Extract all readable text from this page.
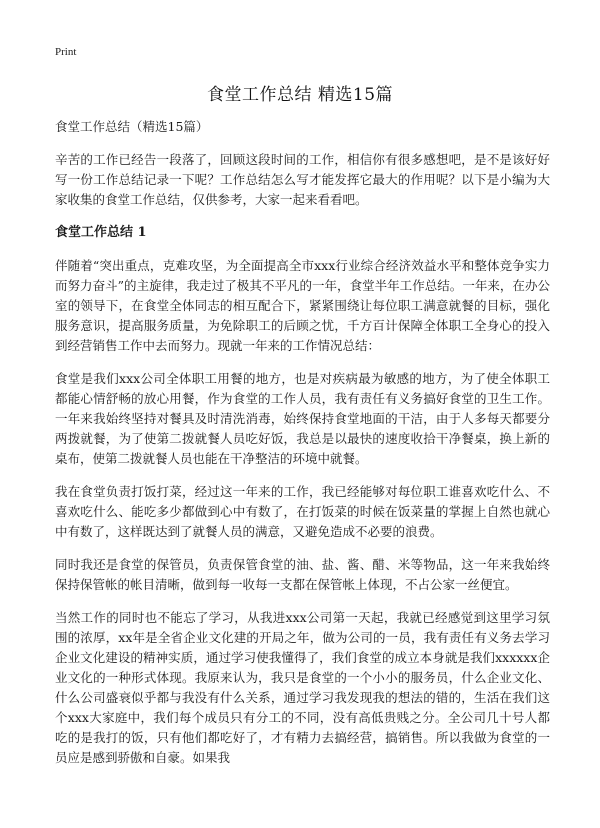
Print
食堂工作总结 精选15篇

食堂工作总结（精选15篇）

辛苦的工作已经告一段落了，回顾这段时间的工作，相信你有很多感想吧，是不是该好好写一份工作总结记录一下呢？工作总结怎么写才能发挥它最大的作用呢？以下是小编为大家收集的食堂工作总结，仅供参考，大家一起来看看吧。

食堂工作总结 1

伴随着“突出重点，克难攻坚，为全面提高全市xxx行业综合经济效益水平和整体竞争实力而努力奋斗”的主旋律，我走过了极其不平凡的一年，食堂半年工作总结。一年来，在办公室的领导下，在食堂全体同志的相互配合下，紧紧围绕让每位职工满意就餐的目标，强化服务意识，提高服务质量，为免除职工的后顾之忧，千方百计保障全体职工全身心的投入到经营销售工作中去而努力。现就一年来的工作情况总结：

食堂是我们xxx公司全体职工用餐的地方，也是对疾病最为敏感的地方，为了使全体职工都能心情舒畅的放心用餐，作为食堂的工作人员，我有责任有义务搞好食堂的卫生工作。一年来我始终坚持对餐具及时清洗消毒，始终保持食堂地面的干洁，由于人多每天都要分两拨就餐，为了使第二拨就餐人员吃好饭，我总是以最快的速度收拾干净餐桌，换上新的桌布，使第二拨就餐人员也能在干净整洁的环境中就餐。

我在食堂负责打饭打菜，经过这一年来的工作，我已经能够对每位职工谁喜欢吃什么、不喜欢吃什么、能吃多少都做到心中有数了，在打饭菜的时候在饭菜量的掌握上自然也就心中有数了，这样既达到了就餐人员的满意，又避免造成不必要的浪费。

同时我还是食堂的保管员，负责保管食堂的油、盐、酱、醋、米等物品，这一年来我始终保持保管帐的帐目清晰，做到每一收每一支都在保管帐上体现，不占公家一丝便宜。

当然工作的同时也不能忘了学习，从我进xxx公司第一天起，我就已经感觉到这里学习氛围的浓厚，xx年是全省企业文化建的开局之年，做为公司的一员，我有责任有义务去学习企业文化建设的精神实质，通过学习使我懂得了，我们食堂的成立本身就是我们xxxxxx企业文化的一种形式体现。我原来认为，我只是食堂的一个小小的服务员，什么企业文化、什么公司盛衰似乎都与我没有什么关系，通过学习我发现我的想法的错的，生活在我们这个xxx大家庭中，我们每个成员只有分工的不同，没有高低贵贱之分。全公司几十号人都吃的是我打的饭，只有他们都吃好了，才有精力去搞经营，搞销售。所以我做为食堂的一员应是感到骄傲和自豪。如果我
